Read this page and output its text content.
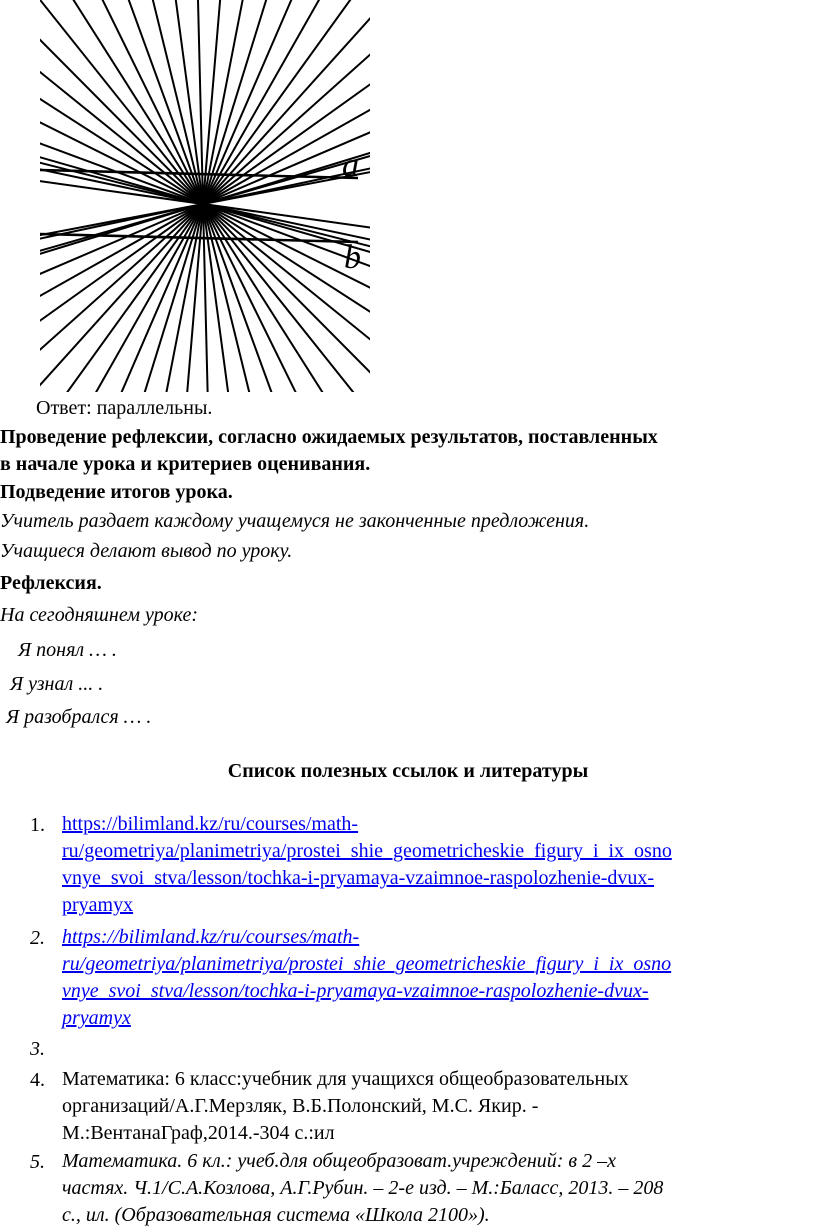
a
b

Ответ: параллельны.

Проведение рефлексии, согласно ожидаемых результатов, поставленных

в начале урока и критериев оценивания.

Подведение итогов урока.

Учитель раздает каждому учащемуся не законченные предложения.

Учащиеся делают вывод по уроку.

Рефлексия.

На сегодняшнем уроке:

Я понял … .

Я узнал ... .

Я разобрался … .

Список полезных ссылок и литературы

1. https://bilimland.kz/ru/courses/math-
ru/geometriya/planimetriya/prostei_shie_geometricheskie_figury_i_ix_osno
vnye_svoi_stva/lesson/tochka-i-pryamaya-vzaimnoe-raspolozhenie-dvux-
pryamyx
2. https://bilimland.kz/ru/courses/math-
ru/geometriya/planimetriya/prostei_shie_geometricheskie_figury_i_ix_osno
vnye_svoi_stva/lesson/tochka-i-pryamaya-vzaimnoe-raspolozhenie-dvux-
pryamyx
3.
4. Математика: 6 класс:учебник для учащихся общеобразовательных
организаций/А.Г.Мерзляк, В.Б.Полонский, М.С. Якир. -
М.:ВентанаГраф,2014.-304 с.:ил
5. Математика. 6 кл.: учеб.для общеобразоват.учреждений: в 2 –х
частях. Ч.1/С.А.Козлова, А.Г.Рубин. – 2-е изд. – М.:Баласс, 2013. – 208
с., ил. (Образовательная система «Школа 2100»).
